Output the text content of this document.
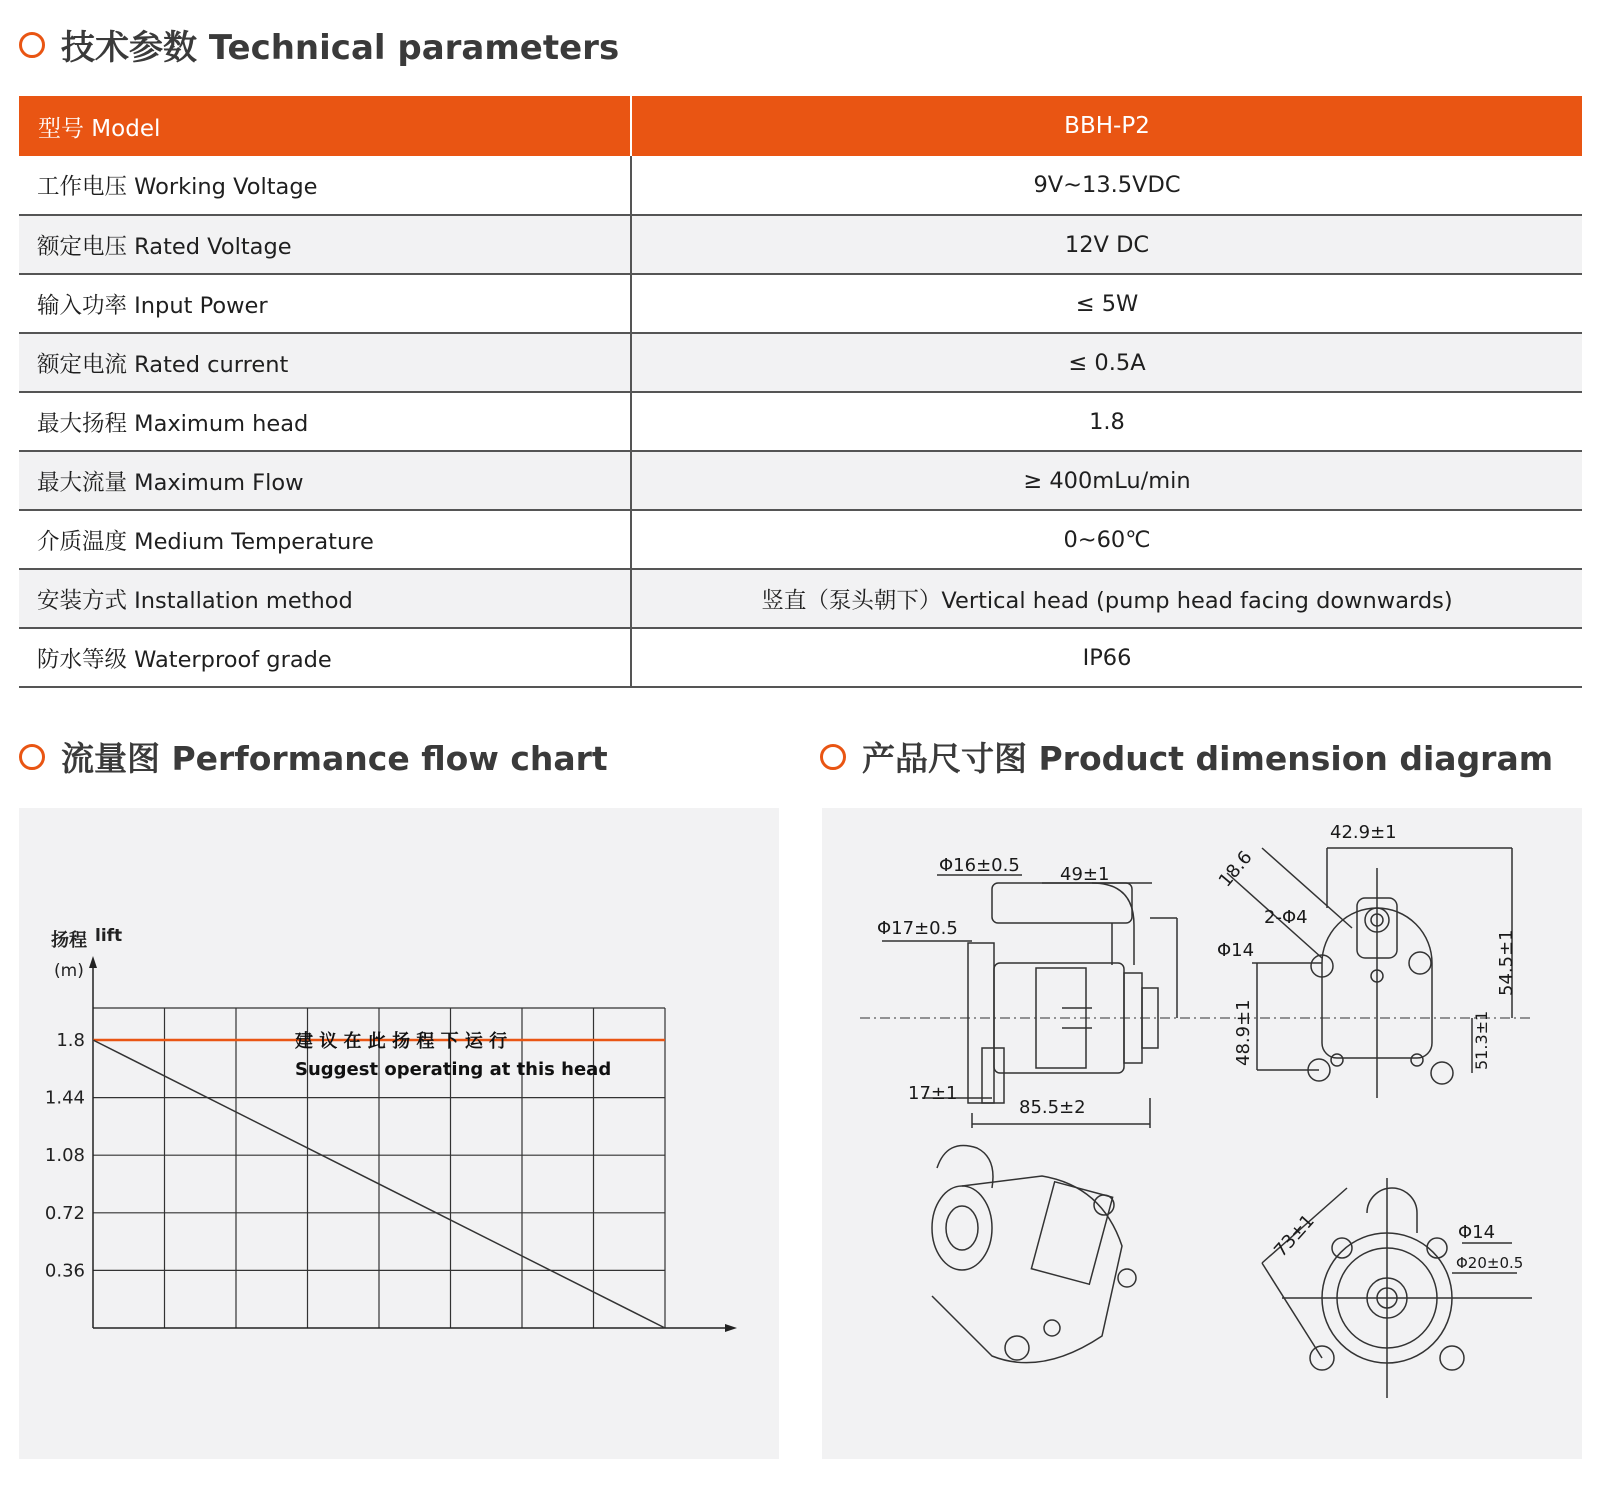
技术参数 Technical parameters
型号 Model	BBH-P2
工作电压 Working Voltage	9V~13.5VDC
额定电压 Rated Voltage	12V DC
输入功率 Input Power	≤ 5W
额定电流 Rated current	≤ 0.5A
最大扬程 Maximum head	1.8
最大流量 Maximum Flow	≥ 400mLu/min
介质温度 Medium Temperature	0~60℃
安装方式 Installation method	竖直（泵头朝下）Vertical head (pump head facing downwards)
防水等级 Waterproof grade	IP66
流量图 Performance flow chart	产品尺寸图 Product dimension diagram
1.8
1.44
1.08
0.72
0.36
扬程 lift
(m)
建 议 在 此 扬 程 下 运 行
Suggest operating at this head
Φ16±0.5 49±1
Φ17±0.5
17±1
85.5±2
42.9±1
18.6
2-Φ4
Φ14	54.5±1
48.9±1	51.3±1
73±1	Φ14
Φ20±0.5
